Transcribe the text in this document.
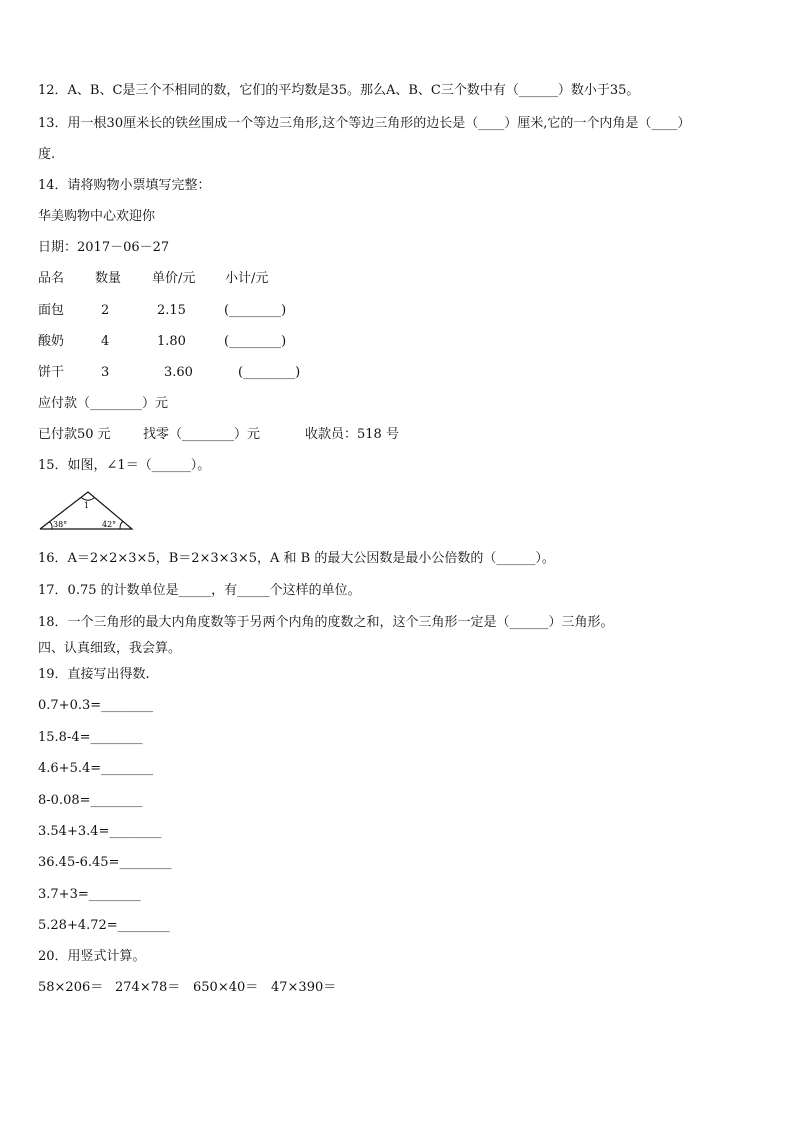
12．A、B、C是三个不相同的数，它们的平均数是35。那么A、B、C三个数中有（______）数小于35。
13．用一根30厘米长的铁丝围成一个等边三角形,这个等边三角形的边长是（____）厘米,它的一个内角是（____）
度.
14．请将购物小票填写完整：
华美购物中心欢迎你
日期：2017－06－27
品名 数量 单价/元 小计/元
面包	2	2.15	(________)
酸奶	4	1.80	(________)
饼干	3	3.60	(________)
应付款（________）元
已付款50 元 找零（________）元	收款员：518 号
15．如图，∠1＝（______）。
1
38°	42°
16．A＝2×2×3×5，B＝2×3×3×5，A 和 B 的最大公因数是最小公倍数的（______）。
17．0.75 的计数单位是_____，有_____个这样的单位。
18．一个三角形的最大内角度数等于另两个内角的度数之和，这个三角形一定是（______）三角形。
四、认真细致，我会算。
19．直接写出得数.
0.7+0.3=________
15.8-4=________
4.6+5.4=________
8-0.08=________
3.54+3.4=________
36.45-6.45=________
3.7+3=________
5.28+4.72=________
20．用竖式计算。
58×206＝ 274×78＝ 650×40＝ 47×390＝
